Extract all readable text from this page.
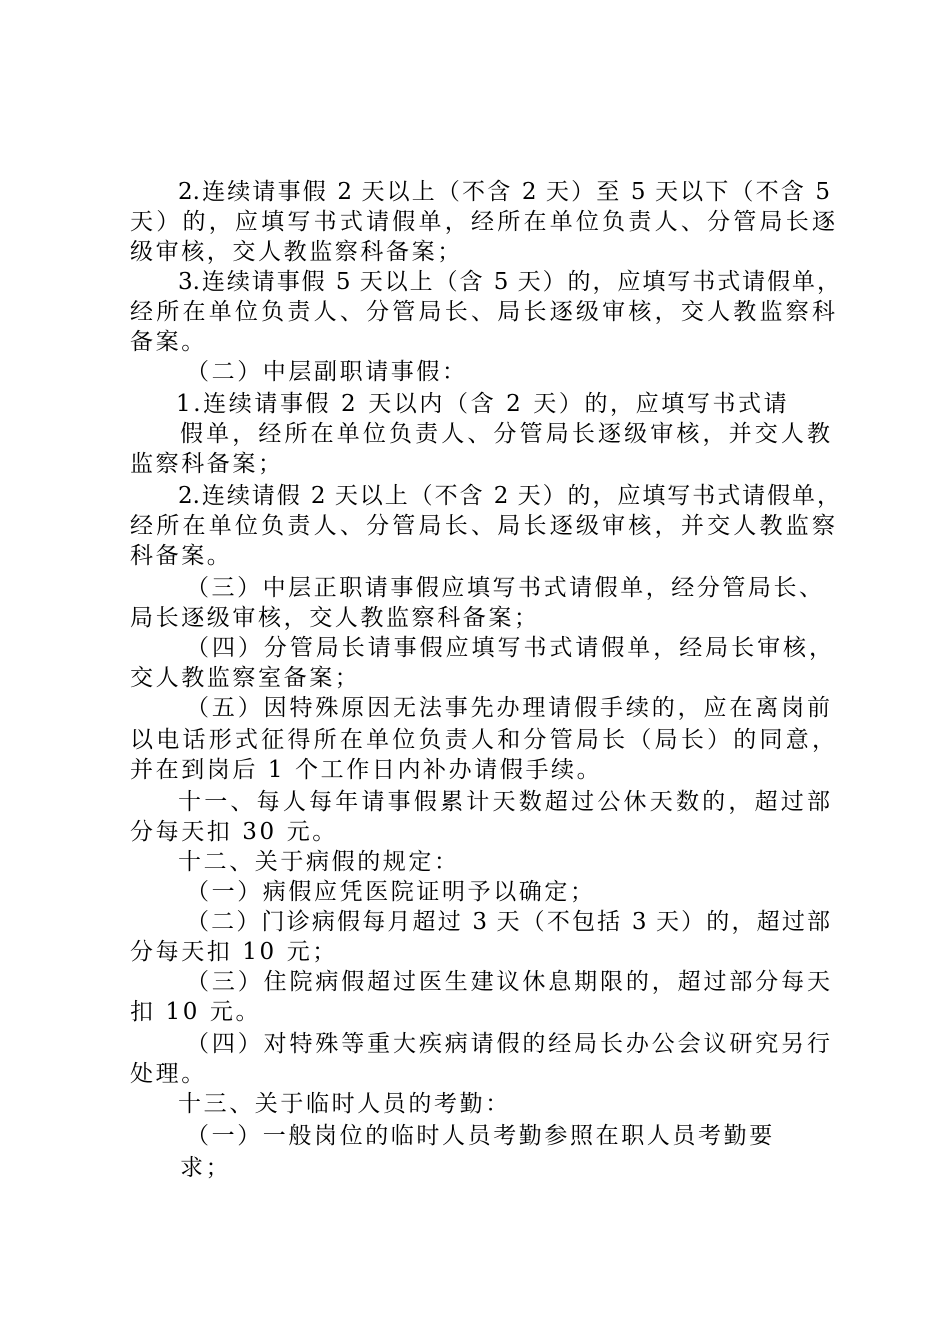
2.连续请事假 2 天以上（不含 2 天）至 5 天以下（不含 5
天）的，应填写书式请假单，经所在单位负责人、分管局长逐
级审核，交人教监察科备案；
3.连续请事假 5 天以上（含 5 天）的，应填写书式请假单，
经所在单位负责人、分管局长、局长逐级审核，交人教监察科
备案。
（二）中层副职请事假：
1.连续请事假 2 天以内（含 2 天）的，应填写书式请
假单，经所在单位负责人、分管局长逐级审核，并交人教
监察科备案；
2.连续请假 2 天以上（不含 2 天）的，应填写书式请假单，
经所在单位负责人、分管局长、局长逐级审核，并交人教监察
科备案。
（三）中层正职请事假应填写书式请假单，经分管局长、
局长逐级审核，交人教监察科备案；
（四）分管局长请事假应填写书式请假单，经局长审核，
交人教监察室备案；
（五）因特殊原因无法事先办理请假手续的，应在离岗前
以电话形式征得所在单位负责人和分管局长（局长）的同意，
并在到岗后 1 个工作日内补办请假手续。
十一、每人每年请事假累计天数超过公休天数的，超过部
分每天扣 30 元。
十二、关于病假的规定：
（一）病假应凭医院证明予以确定；
（二）门诊病假每月超过 3 天（不包括 3 天）的，超过部
分每天扣 10 元；
（三）住院病假超过医生建议休息期限的，超过部分每天
扣 10 元。
（四）对特殊等重大疾病请假的经局长办公会议研究另行
处理。
十三、关于临时人员的考勤：
（一）一般岗位的临时人员考勤参照在职人员考勤要
求；
